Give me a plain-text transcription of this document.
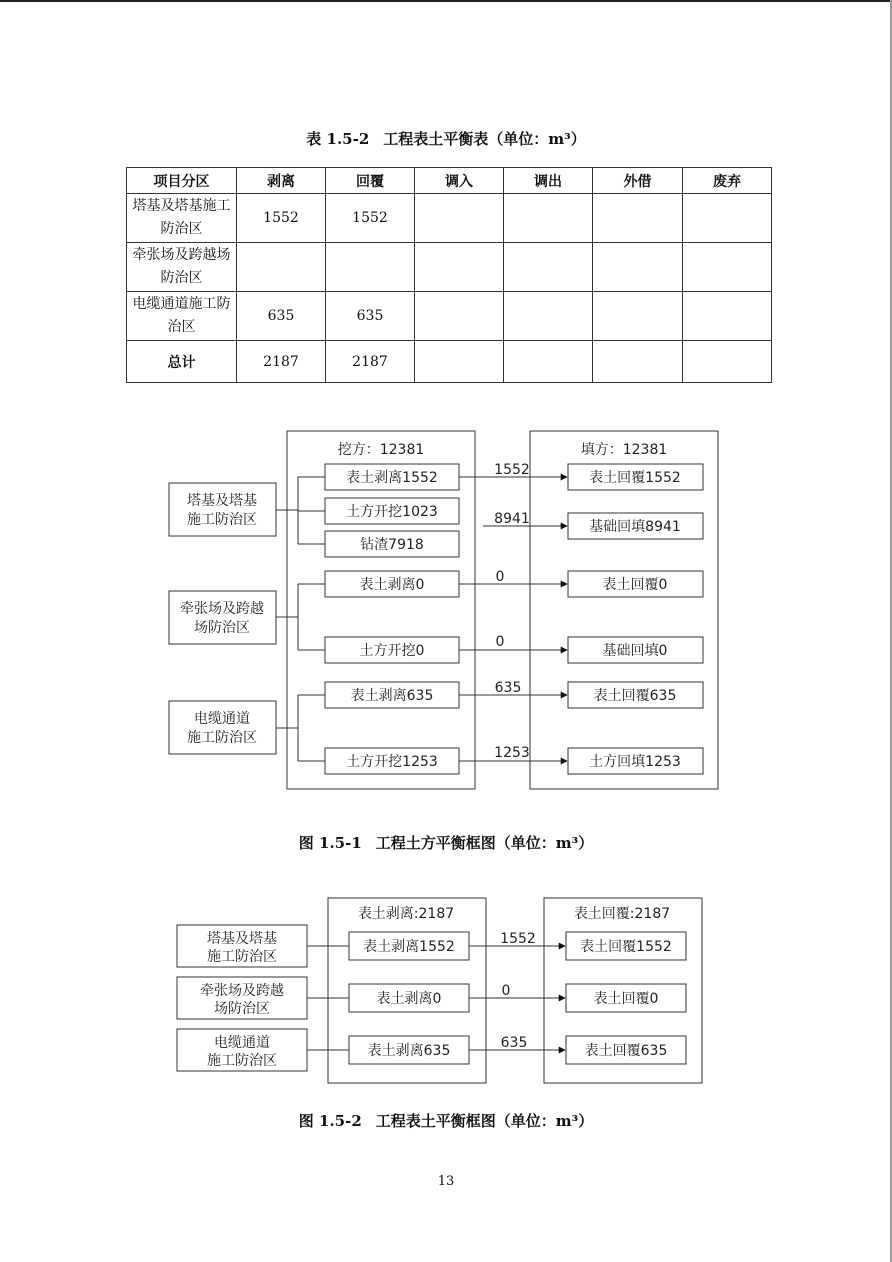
表 1.5-2 工程表土平衡表（单位：m³）
项目分区	剥离	回覆	调入	调出	外借	废弃
塔基及塔基施工防治区	1552	1552				
牵张场及跨越场防治区						
电缆通道施工防治区	635	635				
总计	2187	2187				
挖方：12381	填方：12381
塔基及塔基
施工防治区
牵张场及跨越
场防治区
电缆通道
施工防治区
表土剥离1552
土方开挖1023
钻渣7918
表土剥离0
土方开挖0
表土剥离635
土方开挖1253
表土回覆1552
基础回填8941
表土回覆0
基础回填0
表土回覆635
土方回填1253
1552
8941
0
0
635
1253
表土剥离:2187	表土回覆:2187
塔基及塔基
施工防治区
牵张场及跨越
场防治区
电缆通道
施工防治区
表土剥离1552
表土剥离0
表土剥离635
表土回覆1552
表土回覆0
表土回覆635
1552
0
635
图 1.5-1 工程土方平衡框图（单位：m³）
图 1.5-2 工程表土平衡框图（单位：m³）
13
